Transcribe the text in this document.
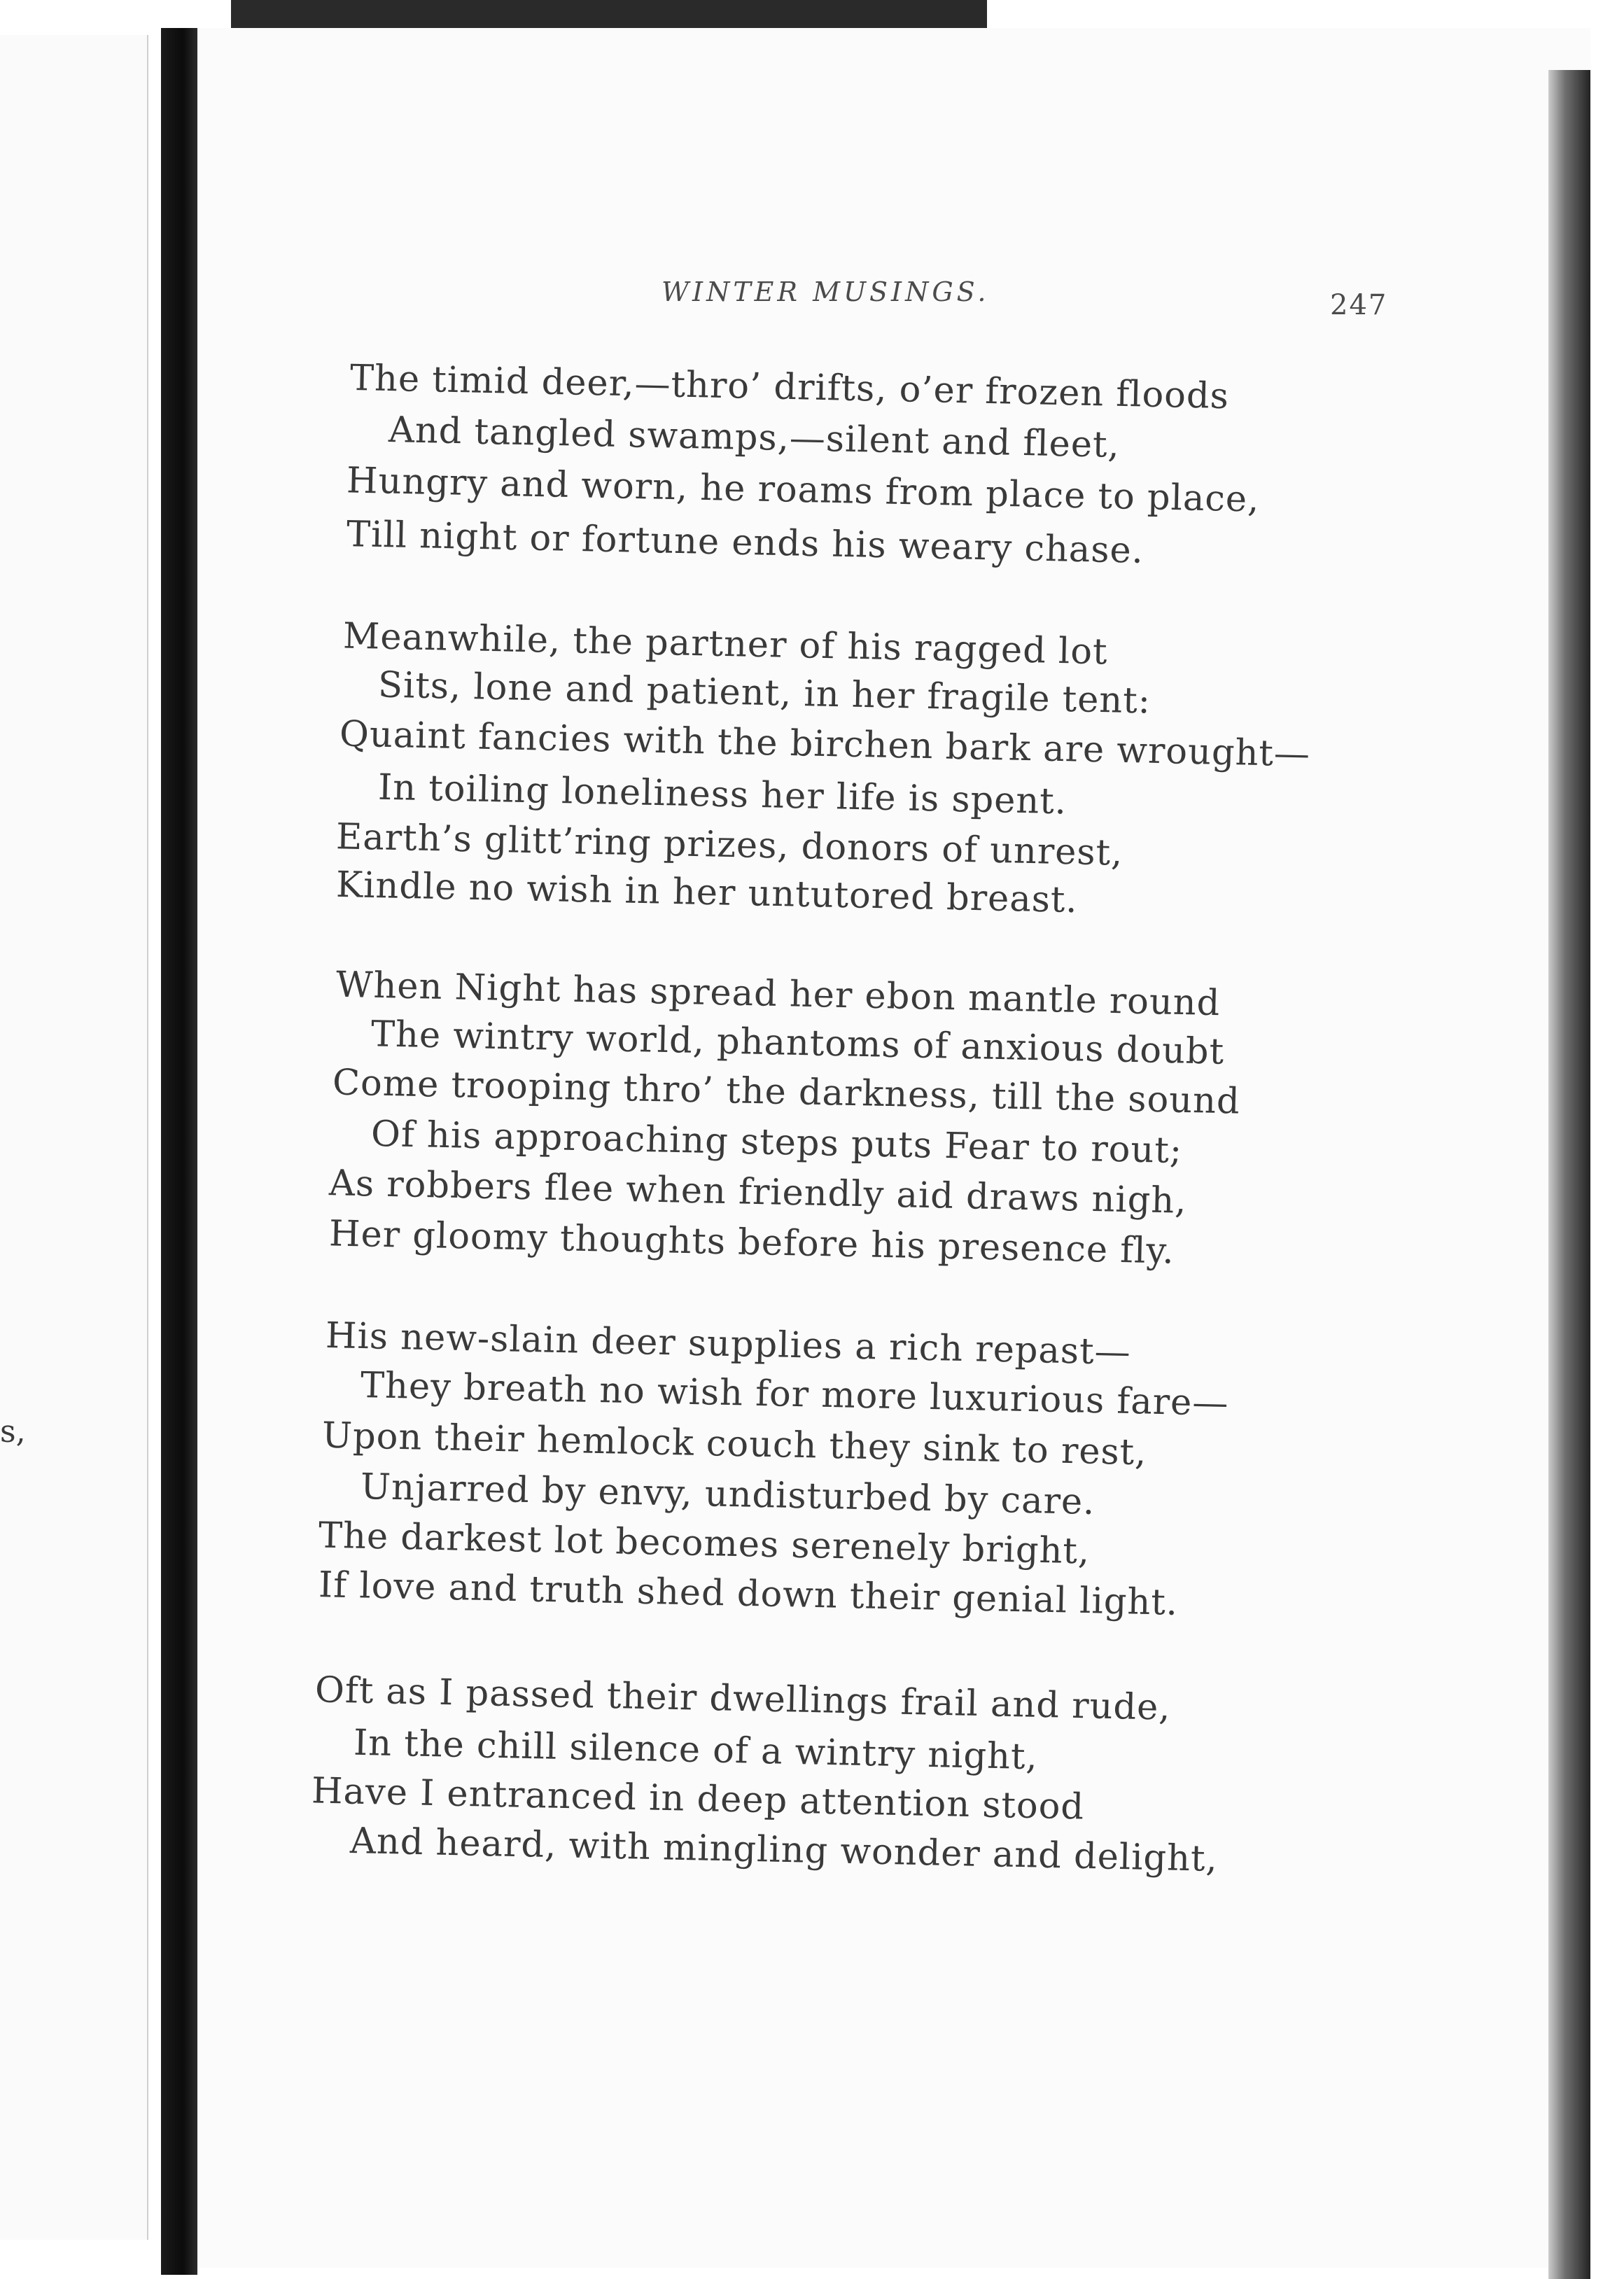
s,
WINTER MUSINGS.	247
The timid deer,—thro’ drifts, o’er frozen floods
And tangled swamps,—silent and fleet,
Hungry and worn, he roams from place to place,
Till night or fortune ends his weary chase.
Meanwhile, the partner of his ragged lot
Sits, lone and patient, in her fragile tent:
Quaint fancies with the birchen bark are wrought—
In toiling loneliness her life is spent.
Earth’s glitt’ring prizes, donors of unrest,
Kindle no wish in her untutored breast.
When Night has spread her ebon mantle round
The wintry world, phantoms of anxious doubt
Come trooping thro’ the darkness, till the sound
Of his approaching steps puts Fear to rout;
As robbers flee when friendly aid draws nigh,
Her gloomy thoughts before his presence fly.
His new-slain deer supplies a rich repast—
They breath no wish for more luxurious fare—
Upon their hemlock couch they sink to rest,
Unjarred by envy, undisturbed by care.
The darkest lot becomes serenely bright,
If love and truth shed down their genial light.
Oft as I passed their dwellings frail and rude,
In the chill silence of a wintry night,
Have I entranced in deep attention stood
And heard, with mingling wonder and delight,
